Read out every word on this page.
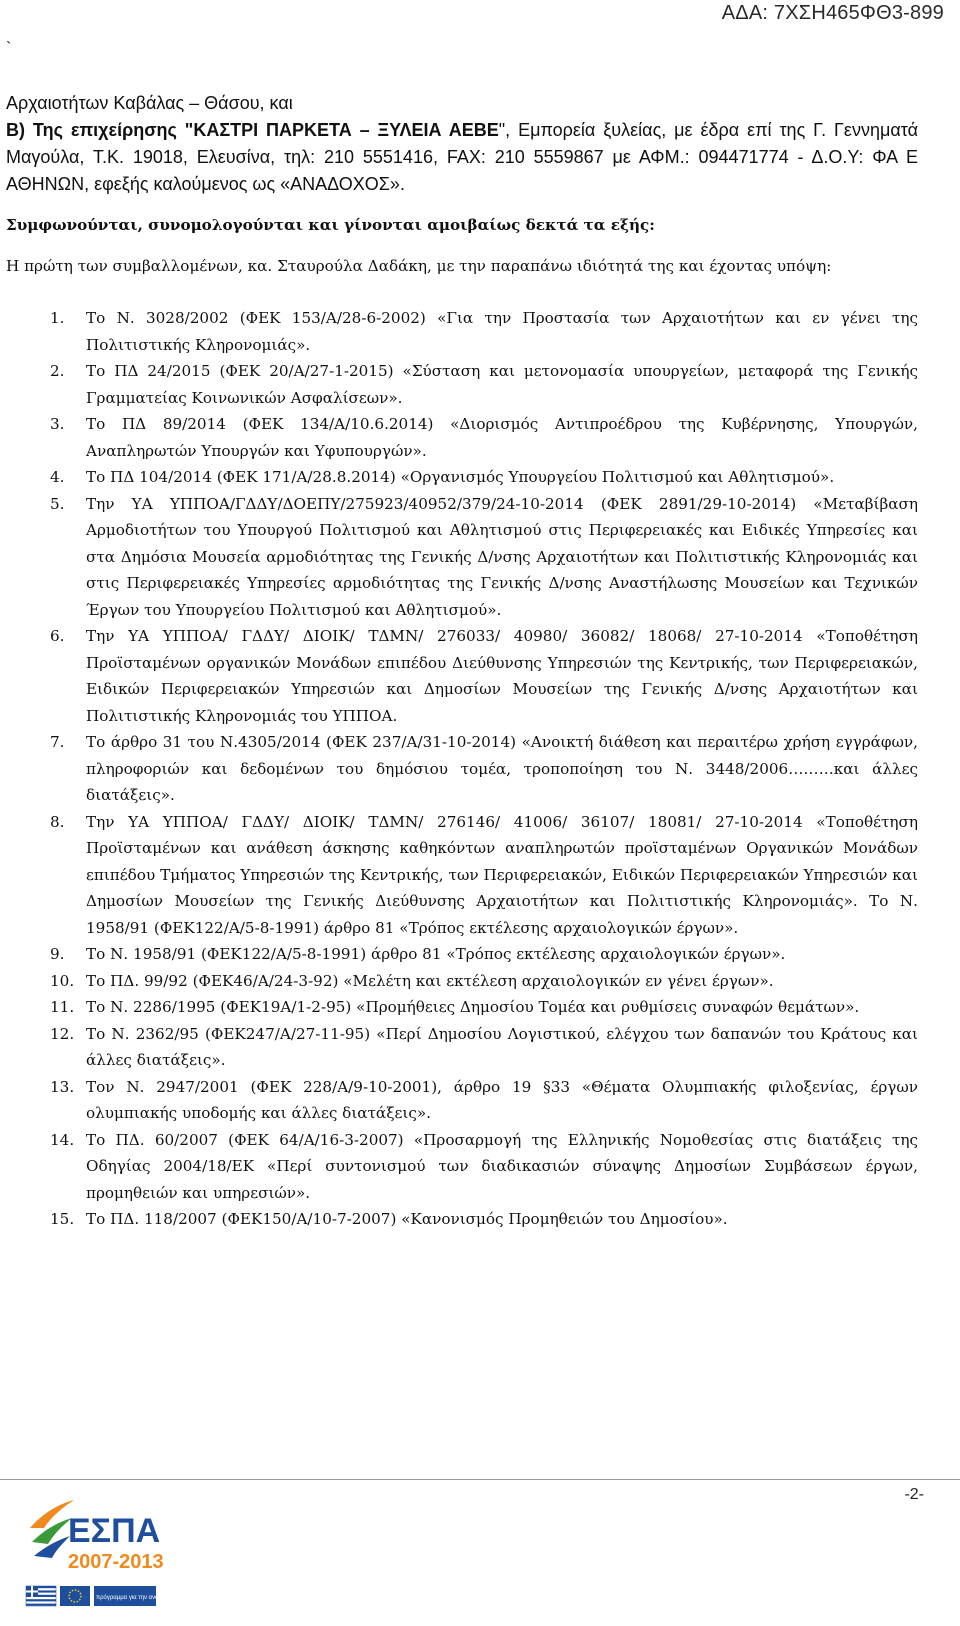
ΑΔΑ: 7ΧΣΗ465ΦΘ3-899
`

Αρχαιοτήτων Καβάλας – Θάσου, και

Β) Της επιχείρησης "ΚΑΣΤΡΙ ΠΑΡΚΕΤΑ – ΞΥΛΕΙΑ ΑΕΒΕ", Εμπορεία ξυλείας, με έδρα επί της Γ. Γεννηματά Μαγούλα, Τ.Κ. 19018, Ελευσίνα, τηλ: 210 5551416, FAX: 210 5559867 με ΑΦΜ.: 094471774 - Δ.Ο.Υ: ΦΑ Ε ΑΘΗΝΩΝ, εφεξής καλούμενος ως «ΑΝΑΔΟΧΟΣ».

Συμφωνούνται, συνομολογούνται και γίνονται αμοιβαίως δεκτά τα εξής:

Η πρώτη των συμβαλλομένων, κα. Σταυρούλα Δαδάκη, με την παραπάνω ιδιότητά της και έχοντας υπόψη:

1.	Το Ν. 3028/2002 (ΦΕΚ 153/Α/28-6-2002) «Για την Προστασία των Αρχαιοτήτων και εν γένει της Πολιτιστικής Κληρονομιάς».
2.	Το ΠΔ 24/2015 (ΦΕΚ 20/Α/27-1-2015) «Σύσταση και μετονομασία υπουργείων, μεταφορά της Γενικής Γραμματείας Κοινωνικών Ασφαλίσεων».
3.	Το ΠΔ 89/2014 (ΦΕΚ 134/Α/10.6.2014) «Διορισμός Αντιπροέδρου της Κυβέρνησης, Υπουργών, Αναπληρωτών Υπουργών και Υφυπουργών».
4.	Το ΠΔ 104/2014 (ΦΕΚ 171/Α/28.8.2014) «Οργανισμός Υπουργείου Πολιτισμού και Αθλητισμού».
5.	Την ΥΑ ΥΠΠΟΑ/ΓΔΔΥ/ΔΟΕΠΥ/275923/40952/379/24-10-2014 (ΦΕΚ 2891/29-10-2014) «Μεταβίβαση Αρμοδιοτήτων του Υπουργού Πολιτισμού και Αθλητισμού στις Περιφερειακές και Ειδικές Υπηρεσίες και στα Δημόσια Μουσεία αρμοδιότητας της Γενικής Δ/νσης Αρχαιοτήτων και Πολιτιστικής Κληρονομιάς και στις Περιφερειακές Υπηρεσίες αρμοδιότητας της Γενικής Δ/νσης Αναστήλωσης Μουσείων και Τεχνικών Έργων του Υπουργείου Πολιτισμού και Αθλητισμού».
6.	Την ΥΑ ΥΠΠΟΑ/ ΓΔΔΥ/ ΔΙΟΙΚ/ ΤΔΜΝ/ 276033/ 40980/ 36082/ 18068/ 27-10-2014 «Τοποθέτηση Προϊσταμένων οργανικών Μονάδων επιπέδου Διεύθυνσης Υπηρεσιών της Κεντρικής, των Περιφερειακών, Ειδικών Περιφερειακών Υπηρεσιών και Δημοσίων Μουσείων της Γενικής Δ/νσης Αρχαιοτήτων και Πολιτιστικής Κληρονομιάς του ΥΠΠΟΑ.
7.	Το άρθρο 31 του Ν.4305/2014 (ΦΕΚ 237/Α/31-10-2014) «Ανοικτή διάθεση και περαιτέρω χρήση εγγράφων, πληροφοριών και δεδομένων του δημόσιου τομέα, τροποποίηση του Ν. 3448/2006………και άλλες διατάξεις».
8.	Την ΥΑ ΥΠΠΟΑ/ ΓΔΔΥ/ ΔΙΟΙΚ/ ΤΔΜΝ/ 276146/ 41006/ 36107/ 18081/ 27-10-2014 «Τοποθέτηση Προϊσταμένων και ανάθεση άσκησης καθηκόντων αναπληρωτών προϊσταμένων Οργανικών Μονάδων επιπέδου Τμήματος Υπηρεσιών της Κεντρικής, των Περιφερειακών, Ειδικών Περιφερειακών Υπηρεσιών και Δημοσίων Μουσείων της Γενικής Διεύθυνσης Αρχαιοτήτων και Πολιτιστικής Κληρονομιάς». Το Ν. 1958/91 (ΦΕΚ122/Α/5-8-1991) άρθρο 81 «Τρόπος εκτέλεσης αρχαιολογικών έργων».
9.	Το Ν. 1958/91 (ΦΕΚ122/Α/5-8-1991) άρθρο 81 «Τρόπος εκτέλεσης αρχαιολογικών έργων».
10. Το ΠΔ. 99/92 (ΦΕΚ46/Α/24-3-92) «Μελέτη και εκτέλεση αρχαιολογικών εν γένει έργων».
11. Το Ν. 2286/1995 (ΦΕΚ19Α/1-2-95) «Προμήθειες Δημοσίου Τομέα και ρυθμίσεις συναφών θεμάτων».
12. Το Ν. 2362/95 (ΦΕΚ247/Α/27-11-95) «Περί Δημοσίου Λογιστικού, ελέγχου των δαπανών του Κράτους και άλλες διατάξεις».
13. Τον Ν. 2947/2001 (ΦΕΚ 228/Α/9-10-2001), άρθρο 19 §33 «Θέματα Ολυμπιακής φιλοξενίας, έργων ολυμπιακής υποδομής και άλλες διατάξεις».
14. Το ΠΔ. 60/2007 (ΦΕΚ 64/Α/16-3-2007) «Προσαρμογή της Ελληνικής Νομοθεσίας στις διατάξεις της Οδηγίας 2004/18/ΕΚ «Περί συντονισμού των διαδικασιών σύναψης Δημοσίων Συμβάσεων έργων, προμηθειών και υπηρεσιών».
15. Το ΠΔ. 118/2007 (ΦΕΚ150/Α/10-7-2007) «Κανονισμός Προμηθειών του Δημοσίου».
ΕΣΠΑ
2007-2013
πρόγραμμα για την ανάπτυξη
-2-
